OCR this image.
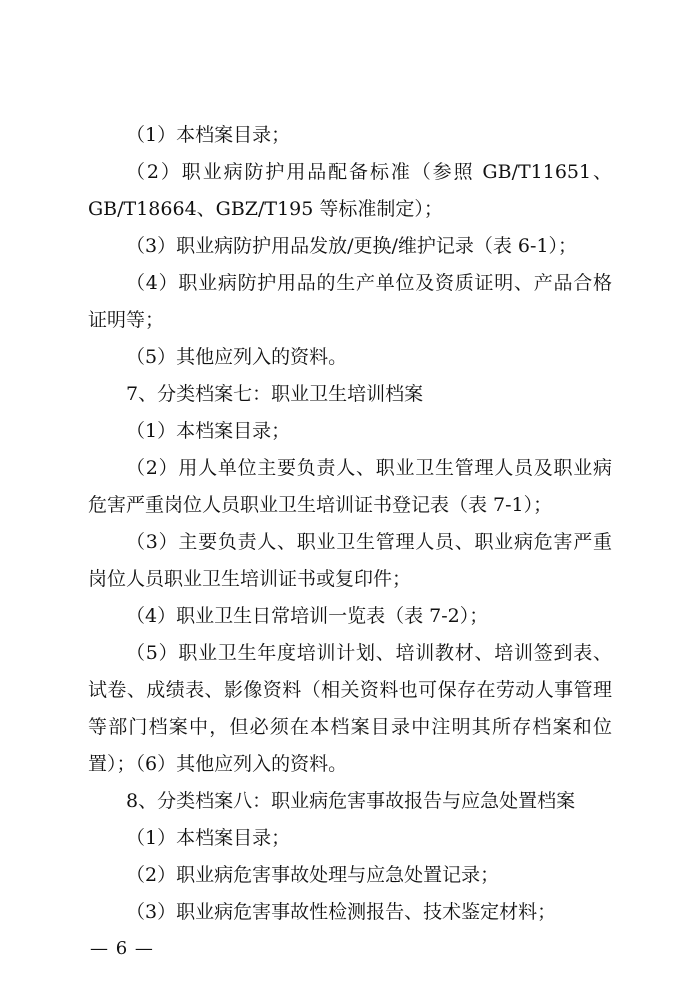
（1）本档案目录；

（2）职业病防护用品配备标准（参照 GB/T11651、GB/T18664、GBZ/T195 等标准制定）；

（3）职业病防护用品发放/更换/维护记录（表 6-1）；

（4）职业病防护用品的生产单位及资质证明、产品合格证明等；

（5）其他应列入的资料。

7、分类档案七：职业卫生培训档案

（1）本档案目录；

（2）用人单位主要负责人、职业卫生管理人员及职业病危害严重岗位人员职业卫生培训证书登记表（表 7-1）；

（3）主要负责人、职业卫生管理人员、职业病危害严重岗位人员职业卫生培训证书或复印件；

（4）职业卫生日常培训一览表（表 7-2）；

（5）职业卫生年度培训计划、培训教材、培训签到表、试卷、成绩表、影像资料（相关资料也可保存在劳动人事管理等部门档案中，但必须在本档案目录中注明其所存档案和位置）；

（6）其他应列入的资料。

8、分类档案八：职业病危害事故报告与应急处置档案

（1）本档案目录；

（2）职业病危害事故处理与应急处置记录；

（3）职业病危害事故性检测报告、技术鉴定材料；

— 6 —
